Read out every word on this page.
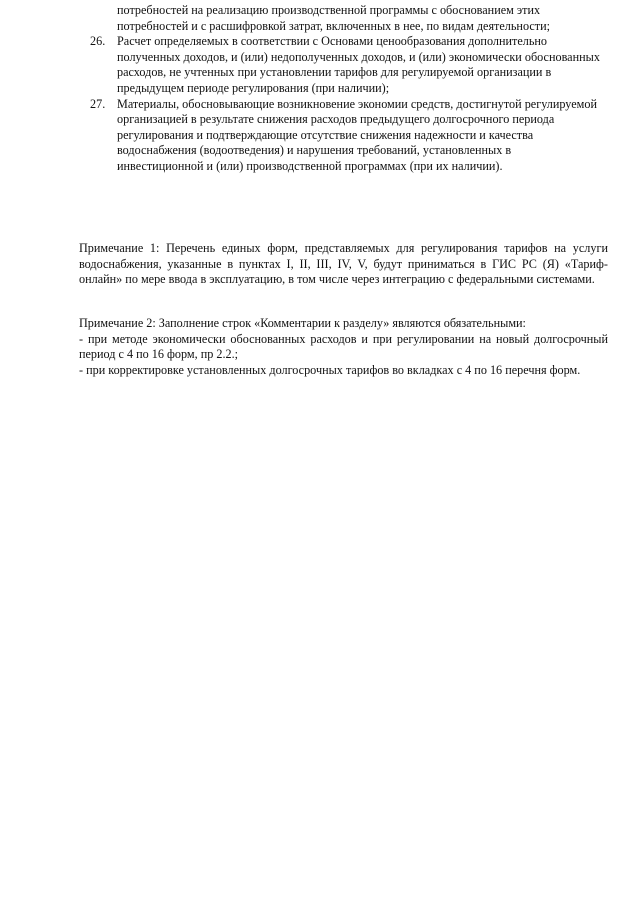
потребностей на реализацию производственной программы с обоснованием этих потребностей и с расшифровкой затрат, включенных в нее, по видам деятельности;
26. Расчет определяемых в соответствии с Основами ценообразования дополнительно полученных доходов, и (или) недополученных доходов, и (или) экономически обоснованных расходов, не учтенных при установлении тарифов для регулируемой организации в предыдущем периоде регулирования (при наличии);
27. Материалы, обосновывающие возникновение экономии средств, достигнутой регулируемой организацией в результате снижения расходов предыдущего долгосрочного периода регулирования и подтверждающие отсутствие снижения надежности и качества водоснабжения (водоотведения) и нарушения требований, установленных в инвестиционной и (или) производственной программах (при их наличии).
Примечание 1: Перечень единых форм, представляемых для регулирования тарифов на услуги водоснабжения, указанные в пунктах I, II, III, IV, V, будут приниматься в ГИС РС (Я) «Тариф-онлайн» по мере ввода в эксплуатацию, в том числе через интеграцию с федеральными системами.
Примечание 2: Заполнение строк «Комментарии к разделу» являются обязательными:
- при методе экономически обоснованных расходов и при регулировании на новый долгосрочный период с 4 по 16 форм, пр 2.2.;
- при корректировке установленных долгосрочных тарифов во вкладках с 4 по 16 перечня форм.
